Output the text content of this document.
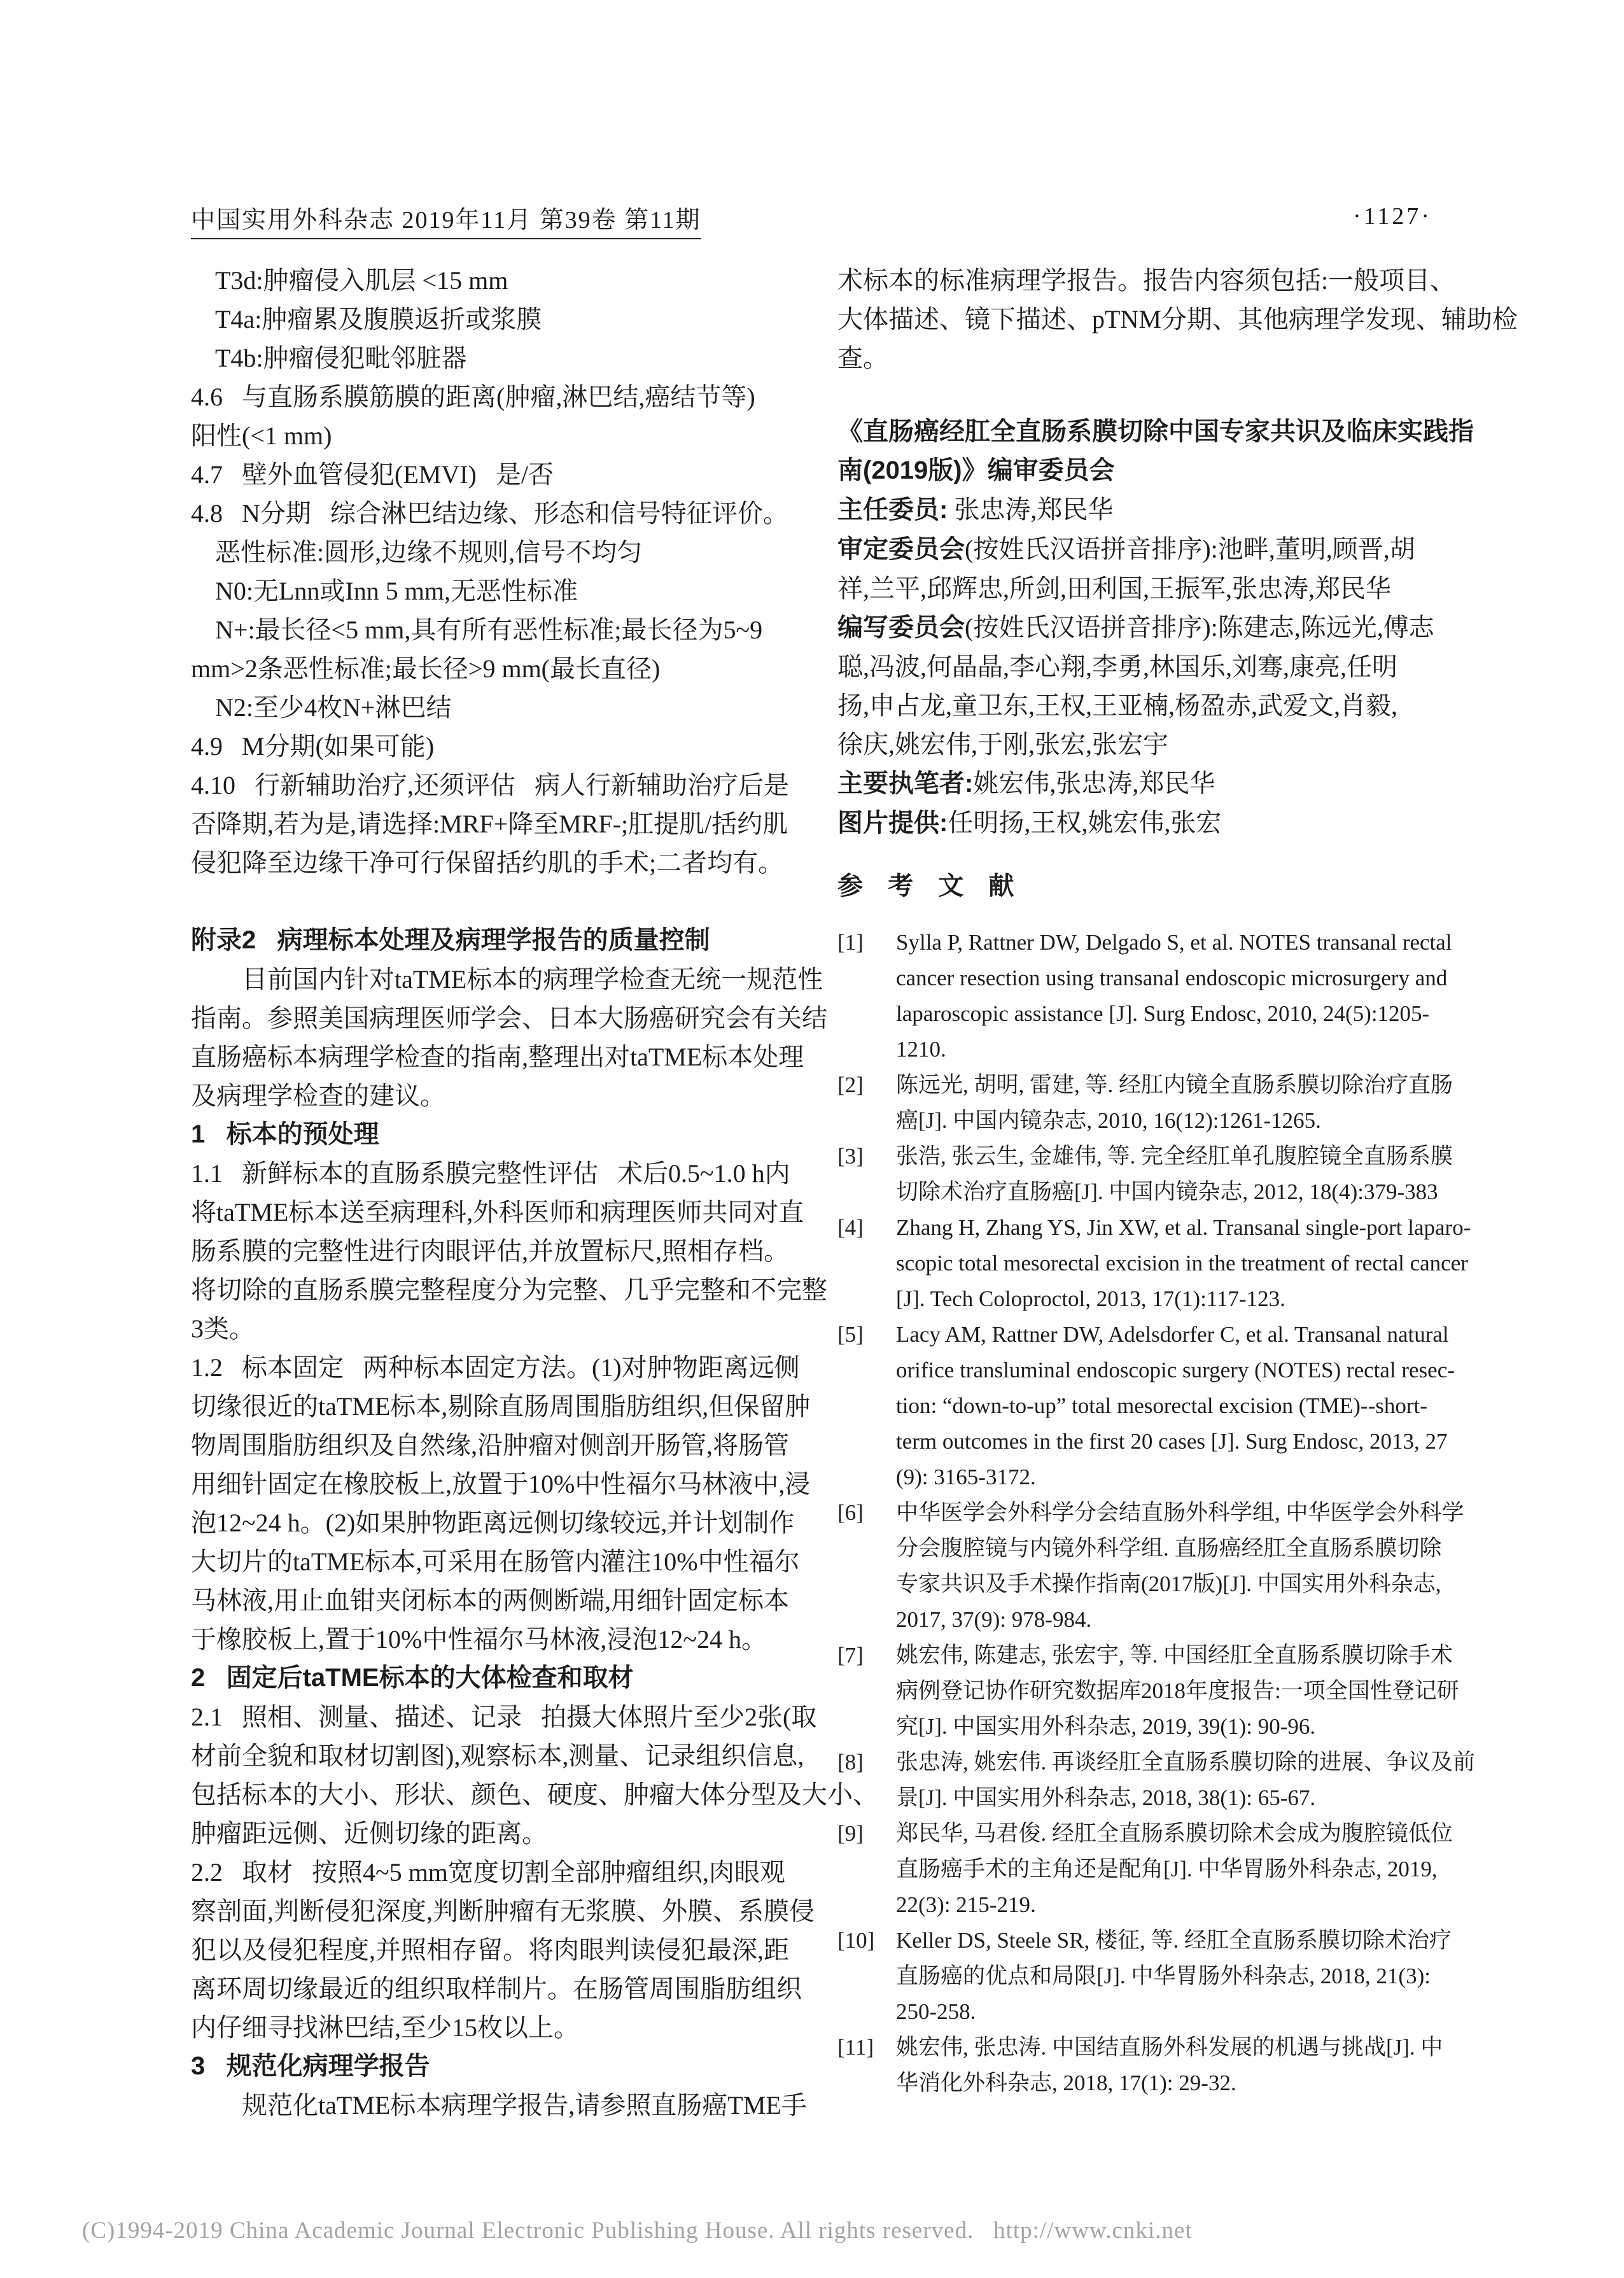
中国实用外科杂志 2019年11月 第39卷 第11期	·1127·
T3d:肿瘤侵入肌层 <15 mm
T4a:肿瘤累及腹膜返折或浆膜
T4b:肿瘤侵犯毗邻脏器
4.6   与直肠系膜筋膜的距离(肿瘤,淋巴结,癌结节等)
阳性(<1 mm)
4.7   壁外血管侵犯(EMVI)   是/否
4.8   N分期   综合淋巴结边缘、形态和信号特征评价。
恶性标准:圆形,边缘不规则,信号不均匀
N0:无Lnn或Inn 5 mm,无恶性标准
N+:最长径<5 mm,具有所有恶性标准;最长径为5~9
mm>2条恶性标准;最长径>9 mm(最长直径)
N2:至少4枚N+淋巴结
4.9   M分期(如果可能)
4.10   行新辅助治疗,还须评估   病人行新辅助治疗后是
否降期,若为是,请选择:MRF+降至MRF-;肛提肌/括约肌
侵犯降至边缘干净可行保留括约肌的手术;二者均有。
附录2   病理标本处理及病理学报告的质量控制
目前国内针对taTME标本的病理学检查无统一规范性
指南。参照美国病理医师学会、日本大肠癌研究会有关结
直肠癌标本病理学检查的指南,整理出对taTME标本处理
及病理学检查的建议。
1   标本的预处理
1.1   新鲜标本的直肠系膜完整性评估   术后0.5~1.0 h内
将taTME标本送至病理科,外科医师和病理医师共同对直
肠系膜的完整性进行肉眼评估,并放置标尺,照相存档。
将切除的直肠系膜完整程度分为完整、几乎完整和不完整
3类。
1.2   标本固定   两种标本固定方法。(1)对肿物距离远侧
切缘很近的taTME标本,剔除直肠周围脂肪组织,但保留肿
物周围脂肪组织及自然缘,沿肿瘤对侧剖开肠管,将肠管
用细针固定在橡胶板上,放置于10%中性福尔马林液中,浸
泡12~24 h。(2)如果肿物距离远侧切缘较远,并计划制作
大切片的taTME标本,可采用在肠管内灌注10%中性福尔
马林液,用止血钳夹闭标本的两侧断端,用细针固定标本
于橡胶板上,置于10%中性福尔马林液,浸泡12~24 h。
2   固定后taTME标本的大体检查和取材
2.1   照相、测量、描述、记录   拍摄大体照片至少2张(取
材前全貌和取材切割图),观察标本,测量、记录组织信息,
包括标本的大小、形状、颜色、硬度、肿瘤大体分型及大小、
肿瘤距远侧、近侧切缘的距离。
2.2   取材   按照4~5 mm宽度切割全部肿瘤组织,肉眼观
察剖面,判断侵犯深度,判断肿瘤有无浆膜、外膜、系膜侵
犯以及侵犯程度,并照相存留。将肉眼判读侵犯最深,距
离环周切缘最近的组织取样制片。在肠管周围脂肪组织
内仔细寻找淋巴结,至少15枚以上。
3   规范化病理学报告
规范化taTME标本病理学报告,请参照直肠癌TME手
术标本的标准病理学报告。报告内容须包括:一般项目、
大体描述、镜下描述、pTNM分期、其他病理学发现、辅助检
查。
《直肠癌经肛全直肠系膜切除中国专家共识及临床实践指
南(2019版)》编审委员会
主任委员: 张忠涛,郑民华
审定委员会(按姓氏汉语拼音排序):池畔,董明,顾晋,胡
祥,兰平,邱辉忠,所剑,田利国,王振军,张忠涛,郑民华
编写委员会(按姓氏汉语拼音排序):陈建志,陈远光,傅志
聪,冯波,何晶晶,李心翔,李勇,林国乐,刘骞,康亮,任明
扬,申占龙,童卫东,王权,王亚楠,杨盈赤,武爱文,肖毅,
徐庆,姚宏伟,于刚,张宏,张宏宇
主要执笔者:姚宏伟,张忠涛,郑民华
图片提供:任明扬,王权,姚宏伟,张宏
参 考 文 献
[1] Sylla P, Rattner DW, Delgado S, et al. NOTES transanal rectal
cancer resection using transanal endoscopic microsurgery and
laparoscopic assistance [J]. Surg Endosc, 2010, 24(5):1205-
1210.
[2] 陈远光, 胡明, 雷建, 等. 经肛内镜全直肠系膜切除治疗直肠
癌[J]. 中国内镜杂志, 2010, 16(12):1261-1265.
[3] 张浩, 张云生, 金雄伟, 等. 完全经肛单孔腹腔镜全直肠系膜
切除术治疗直肠癌[J]. 中国内镜杂志, 2012, 18(4):379-383
[4] Zhang H, Zhang YS, Jin XW, et al. Transanal single-port laparo-
scopic total mesorectal excision in the treatment of rectal cancer
[J]. Tech Coloproctol, 2013, 17(1):117-123.
[5] Lacy AM, Rattner DW, Adelsdorfer C, et al. Transanal natural
orifice transluminal endoscopic surgery (NOTES) rectal resec-
tion: “down-to-up” total mesorectal excision (TME)--short-
term outcomes in the first 20 cases [J]. Surg Endosc, 2013, 27
(9): 3165-3172.
[6] 中华医学会外科学分会结直肠外科学组, 中华医学会外科学
分会腹腔镜与内镜外科学组. 直肠癌经肛全直肠系膜切除
专家共识及手术操作指南(2017版)[J]. 中国实用外科杂志,
2017, 37(9): 978-984.
[7] 姚宏伟, 陈建志, 张宏宇, 等. 中国经肛全直肠系膜切除手术
病例登记协作研究数据库2018年度报告:一项全国性登记研
究[J]. 中国实用外科杂志, 2019, 39(1): 90-96.
[8] 张忠涛, 姚宏伟. 再谈经肛全直肠系膜切除的进展、争议及前
景[J]. 中国实用外科杂志, 2018, 38(1): 65-67.
[9] 郑民华, 马君俊. 经肛全直肠系膜切除术会成为腹腔镜低位
直肠癌手术的主角还是配角[J]. 中华胃肠外科杂志, 2019,
22(3): 215-219.
[10] Keller DS, Steele SR, 楼征, 等. 经肛全直肠系膜切除术治疗
直肠癌的优点和局限[J]. 中华胃肠外科杂志, 2018, 21(3):
250-258.
[11] 姚宏伟, 张忠涛. 中国结直肠外科发展的机遇与挑战[J]. 中
华消化外科杂志, 2018, 17(1): 29-32.

(C)1994-2019 China Academic Journal Electronic Publishing House. All rights reserved.   http://www.cnki.net
